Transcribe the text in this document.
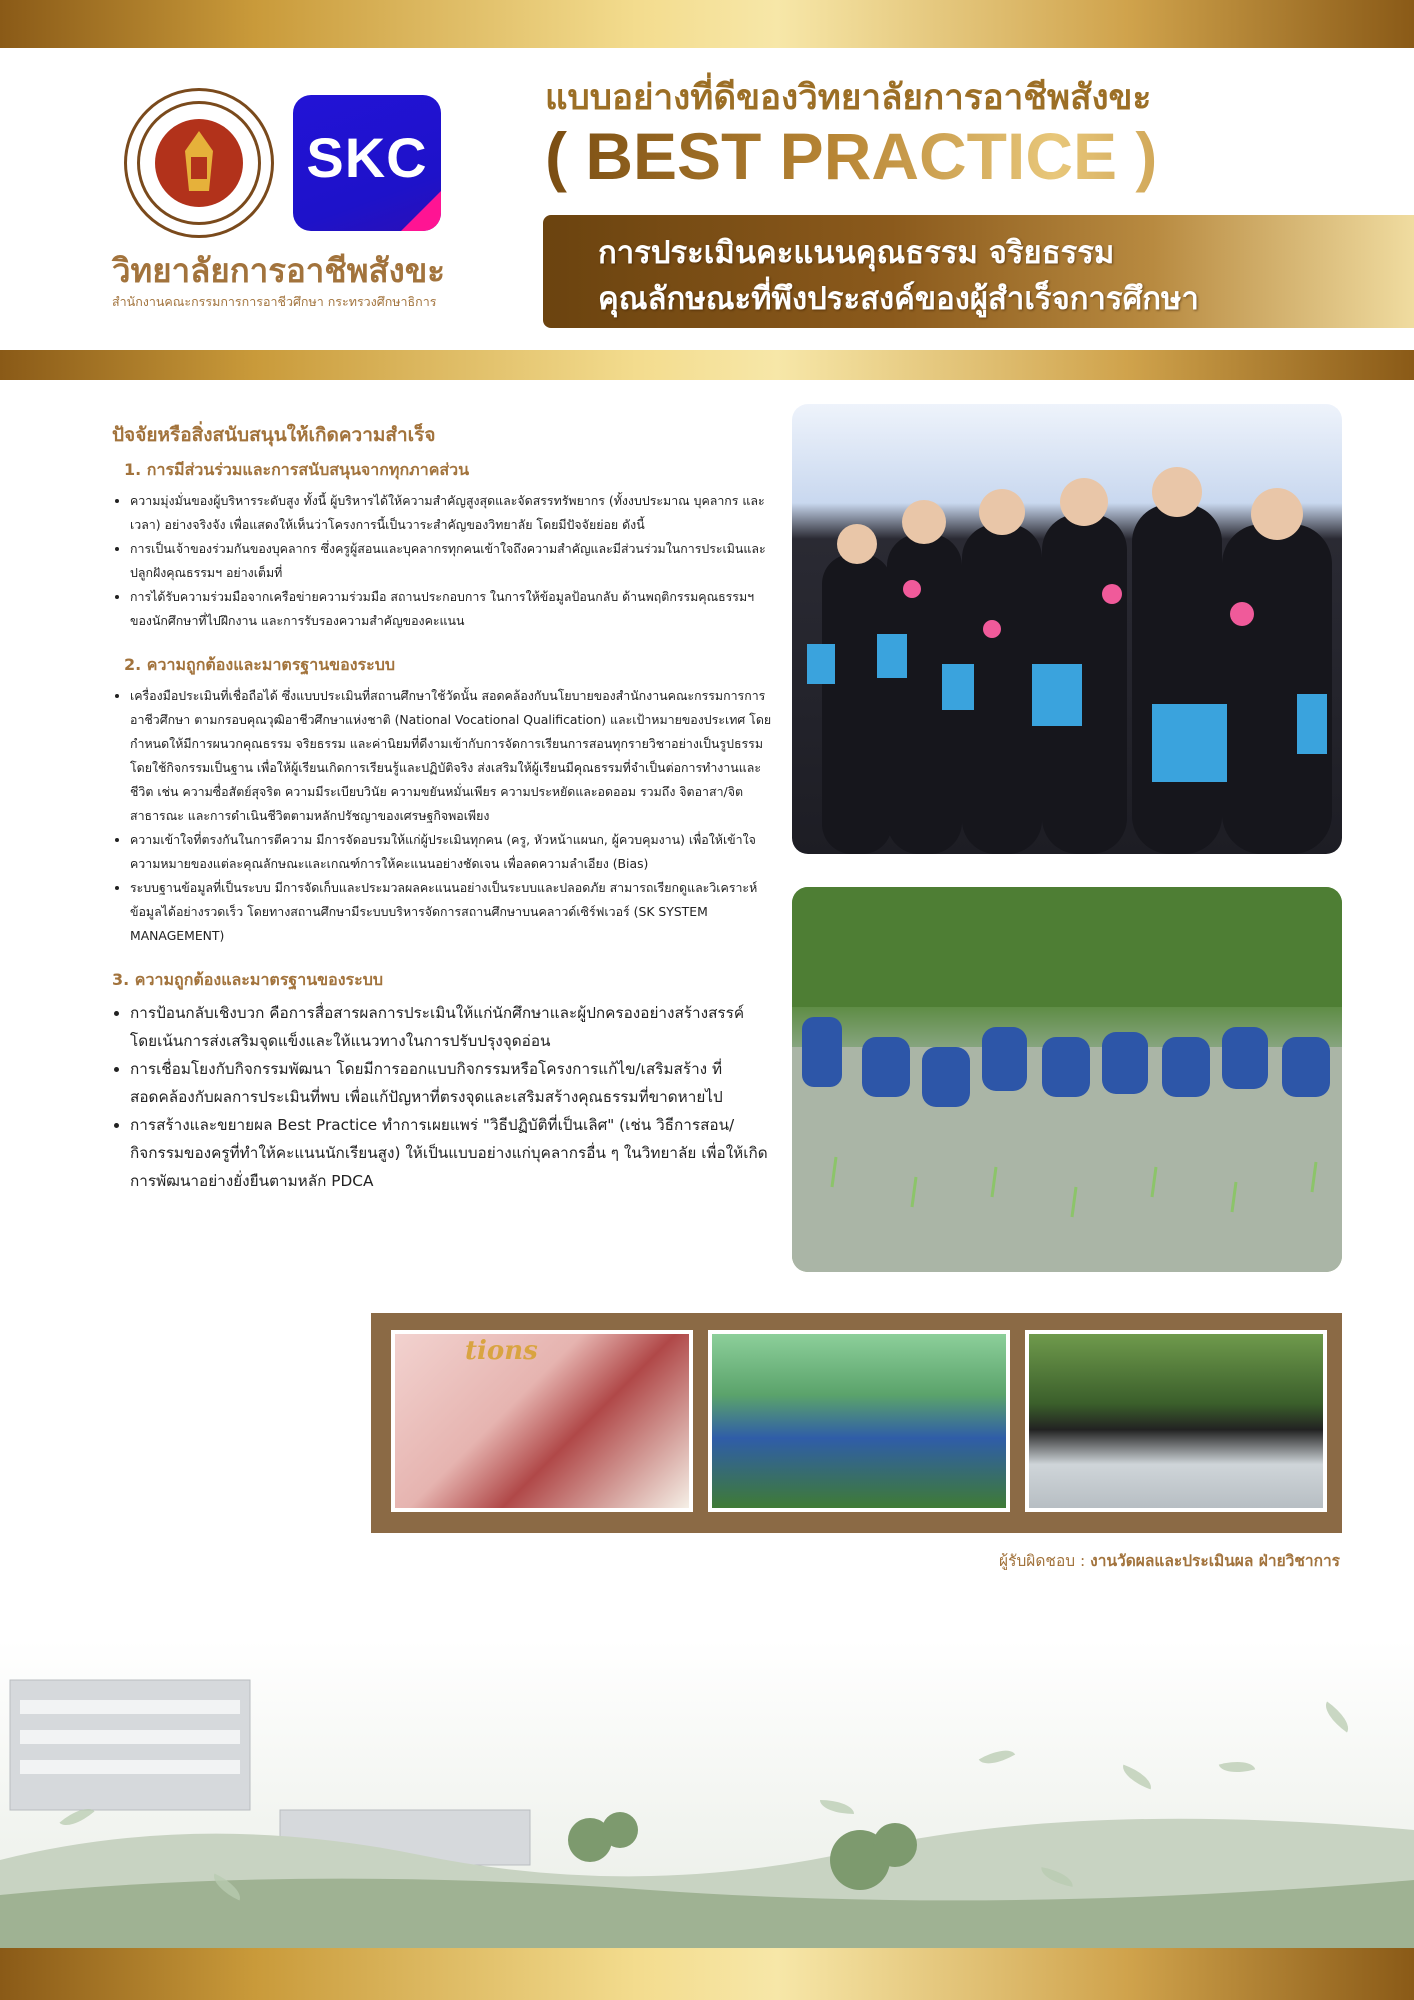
SKC
วิทยาลัยการอาชีพสังขะ
สำนักงานคณะกรรมการการอาชีวศึกษา กระทรวงศึกษาธิการ
แบบอย่างที่ดีของวิทยาลัยการอาชีพสังขะ
( BEST PRACTICE )
การประเมินคะแนนคุณธรรม จริยธรรม
คุณลักษณะที่พึงประสงค์ของผู้สำเร็จการศึกษา
ปัจจัยหรือสิ่งสนับสนุนให้เกิดความสำเร็จ
1. การมีส่วนร่วมและการสนับสนุนจากทุกภาคส่วน
• ความมุ่งมั่นของผู้บริหารระดับสูง ทั้งนี้ ผู้บริหารได้ให้ความสำคัญสูงสุดและจัดสรรทรัพยากร (ทั้งงบประมาณ บุคลากร และเวลา) อย่างจริงจัง เพื่อแสดงให้เห็นว่าโครงการนี้เป็นวาระสำคัญของวิทยาลัย โดยมีปัจจัยย่อย ดังนี้
• การเป็นเจ้าของร่วมกันของบุคลากร ซึ่งครูผู้สอนและบุคลากรทุกคนเข้าใจถึงความสำคัญและมีส่วนร่วมในการประเมินและปลูกฝังคุณธรรมฯ อย่างเต็มที่
• การได้รับความร่วมมือจากเครือข่ายความร่วมมือ สถานประกอบการ ในการให้ข้อมูลป้อนกลับ ด้านพฤติกรรมคุณธรรมฯ ของนักศึกษาที่ไปฝึกงาน และการรับรองความสำคัญของคะแนน
2. ความถูกต้องและมาตรฐานของระบบ
• เครื่องมือประเมินที่เชื่อถือได้ ซึ่งแบบประเมินที่สถานศึกษาใช้วัดนั้น สอดคล้องกับนโยบายของสำนักงานคณะกรรมการการอาชีวศึกษา ตามกรอบคุณวุฒิอาชีวศึกษาแห่งชาติ (National Vocational Qualification) และเป้าหมายของประเทศ โดยกำหนดให้มีการผนวกคุณธรรม จริยธรรม และค่านิยมที่ดีงามเข้ากับการจัดการเรียนการสอนทุกรายวิชาอย่างเป็นรูปธรรม โดยใช้กิจกรรมเป็นฐาน เพื่อให้ผู้เรียนเกิดการเรียนรู้และปฏิบัติจริง ส่งเสริมให้ผู้เรียนมีคุณธรรมที่จำเป็นต่อการทำงานและชีวิต เช่น ความซื่อสัตย์สุจริต ความมีระเบียบวินัย ความขยันหมั่นเพียร ความประหยัดและอดออม รวมถึง จิตอาสา/จิตสาธารณะ และการดำเนินชีวิตตามหลักปรัชญาของเศรษฐกิจพอเพียง
• ความเข้าใจที่ตรงกันในการตีความ มีการจัดอบรมให้แก่ผู้ประเมินทุกคน (ครู, หัวหน้าแผนก, ผู้ควบคุมงาน) เพื่อให้เข้าใจความหมายของแต่ละคุณลักษณะและเกณฑ์การให้คะแนนอย่างชัดเจน เพื่อลดความลำเอียง (Bias)
• ระบบฐานข้อมูลที่เป็นระบบ มีการจัดเก็บและประมวลผลคะแนนอย่างเป็นระบบและปลอดภัย สามารถเรียกดูและวิเคราะห์ข้อมูลได้อย่างรวดเร็ว โดยทางสถานศึกษามีระบบบริหารจัดการสถานศึกษาบนคลาวด์เซิร์ฟเวอร์ (SK SYSTEM MANAGEMENT)
3. ความถูกต้องและมาตรฐานของระบบ
• การป้อนกลับเชิงบวก คือการสื่อสารผลการประเมินให้แก่นักศึกษาและผู้ปกครองอย่างสร้างสรรค์ โดยเน้นการส่งเสริมจุดแข็งและให้แนวทางในการปรับปรุงจุดอ่อน
• การเชื่อมโยงกับกิจกรรมพัฒนา โดยมีการออกแบบกิจกรรมหรือโครงการแก้ไข/เสริมสร้าง ที่สอดคล้องกับผลการประเมินที่พบ เพื่อแก้ปัญหาที่ตรงจุดและเสริมสร้างคุณธรรมที่ขาดหายไป
• การสร้างและขยายผล Best Practice ทำการเผยแพร่ "วิธีปฏิบัติที่เป็นเลิศ" (เช่น วิธีการสอน/กิจกรรมของครูที่ทำให้คะแนนนักเรียนสูง) ให้เป็นแบบอย่างแก่บุคลากรอื่น ๆ ในวิทยาลัย เพื่อให้เกิดการพัฒนาอย่างยั่งยืนตามหลัก PDCA
tions
ผู้รับผิดชอบ : งานวัดผลและประเมินผล ฝ่ายวิชาการ
